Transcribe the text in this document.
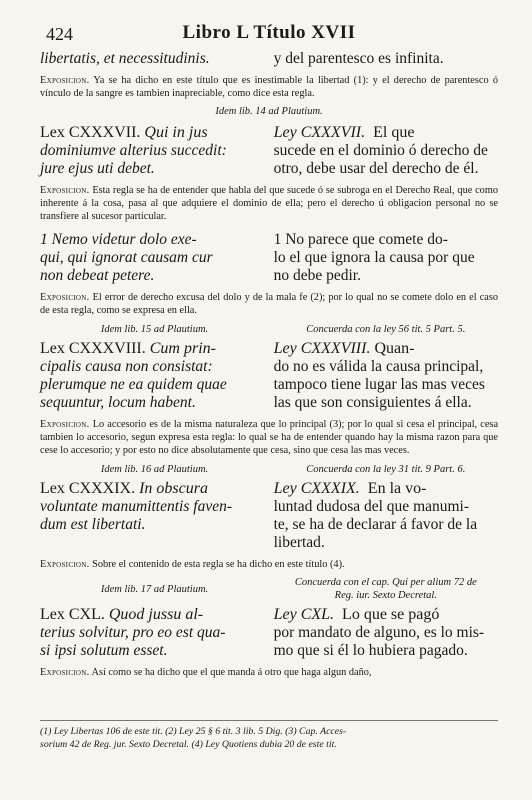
424	Libro L Título XVII
libertatis, et necessitudinis.	y del parentesco es infinita.
Exposicion. Ya se ha dicho en este título que es inestimable la libertad (1): y el derecho de parentesco ó vínculo de la sangre es tambien inapreciable, como dice esta regla.
Idem lib. 14 ad Plautium.
Lex CXXXVII. Qui in jus
dominiumve alterius succedit:
jure ejus uti debet.
Ley CXXXVII. El que
sucede en el dominio ó derecho de
otro, debe usar del derecho de él.
Exposicion. Esta regla se ha de entender que habla del que sucede ó se subroga en el Derecho Real, que como inherente á la cosa, pasa al que adquiere el dominio de ella; pero el derecho ú obligacion personal no se transfiere al sucesor particular.
1 Nemo videtur dolo exe-
qui, qui ignorat causam cur
non debeat petere.
1 No parece que comete do-
lo el que ignora la causa por que
no debe pedir.
Exposicion. El error de derecho excusa del dolo y de la mala fe (2); por lo qual no se comete dolo en el caso de esta regla, como se expresa en ella.
Idem lib. 15 ad Plautium.	Concuerda con la ley 56 tit. 5 Part. 5.
Lex CXXXVIII. Cum prin-
cipalis causa non consistat:
plerumque ne ea quidem quae
sequuntur, locum habent.
Ley CXXXVIII. Quan-
do no es válida la causa principal,
tampoco tiene lugar las mas veces
las que son consiguientes á ella.
Exposicion. Lo accesorio es de la misma naturaleza que lo principal (3); por lo qual si cesa el principal, cesa tambien lo accesorio, segun expresa esta regla: lo qual se ha de entender quando hay la misma razon para que cese lo accesorio; y por esto no dice absolutamente que cesa, sino que cesa las mas veces.
Idem lib. 16 ad Plautium.	Concuerda con la ley 31 tit. 9 Part. 6.
Lex CXXXIX. In obscura
voluntate manumittentis faven-
dum est libertati.
Ley CXXXIX. En la vo-
luntad dudosa del que manumi-
te, se ha de declarar á favor de la
libertad.
Exposicion. Sobre el contenido de esta regla se ha dicho en este título (4).
Idem lib. 17 ad Plautium.
Concuerda con el cap. Qui per alium 72 de
Reg. iur. Sexto Decretal.
Lex CXL. Quod jussu al-
terius solvitur, pro eo est qua-
si ipsi solutum esset.
Ley CXL. Lo que se pagó
por mandato de alguno, es lo mis-
mo que si él lo hubiera pagado.
Exposicion. Así como se ha dicho que el que manda á otro que haga algun daño,
(1) Ley Libertas 106 de este tit. (2) Ley 25 § 6 tit. 3 lib. 5 Dig. (3) Cap. Acces-
sorium 42 de Reg. jur. Sexto Decretal. (4) Ley Quotiens dubia 20 de este tit.
